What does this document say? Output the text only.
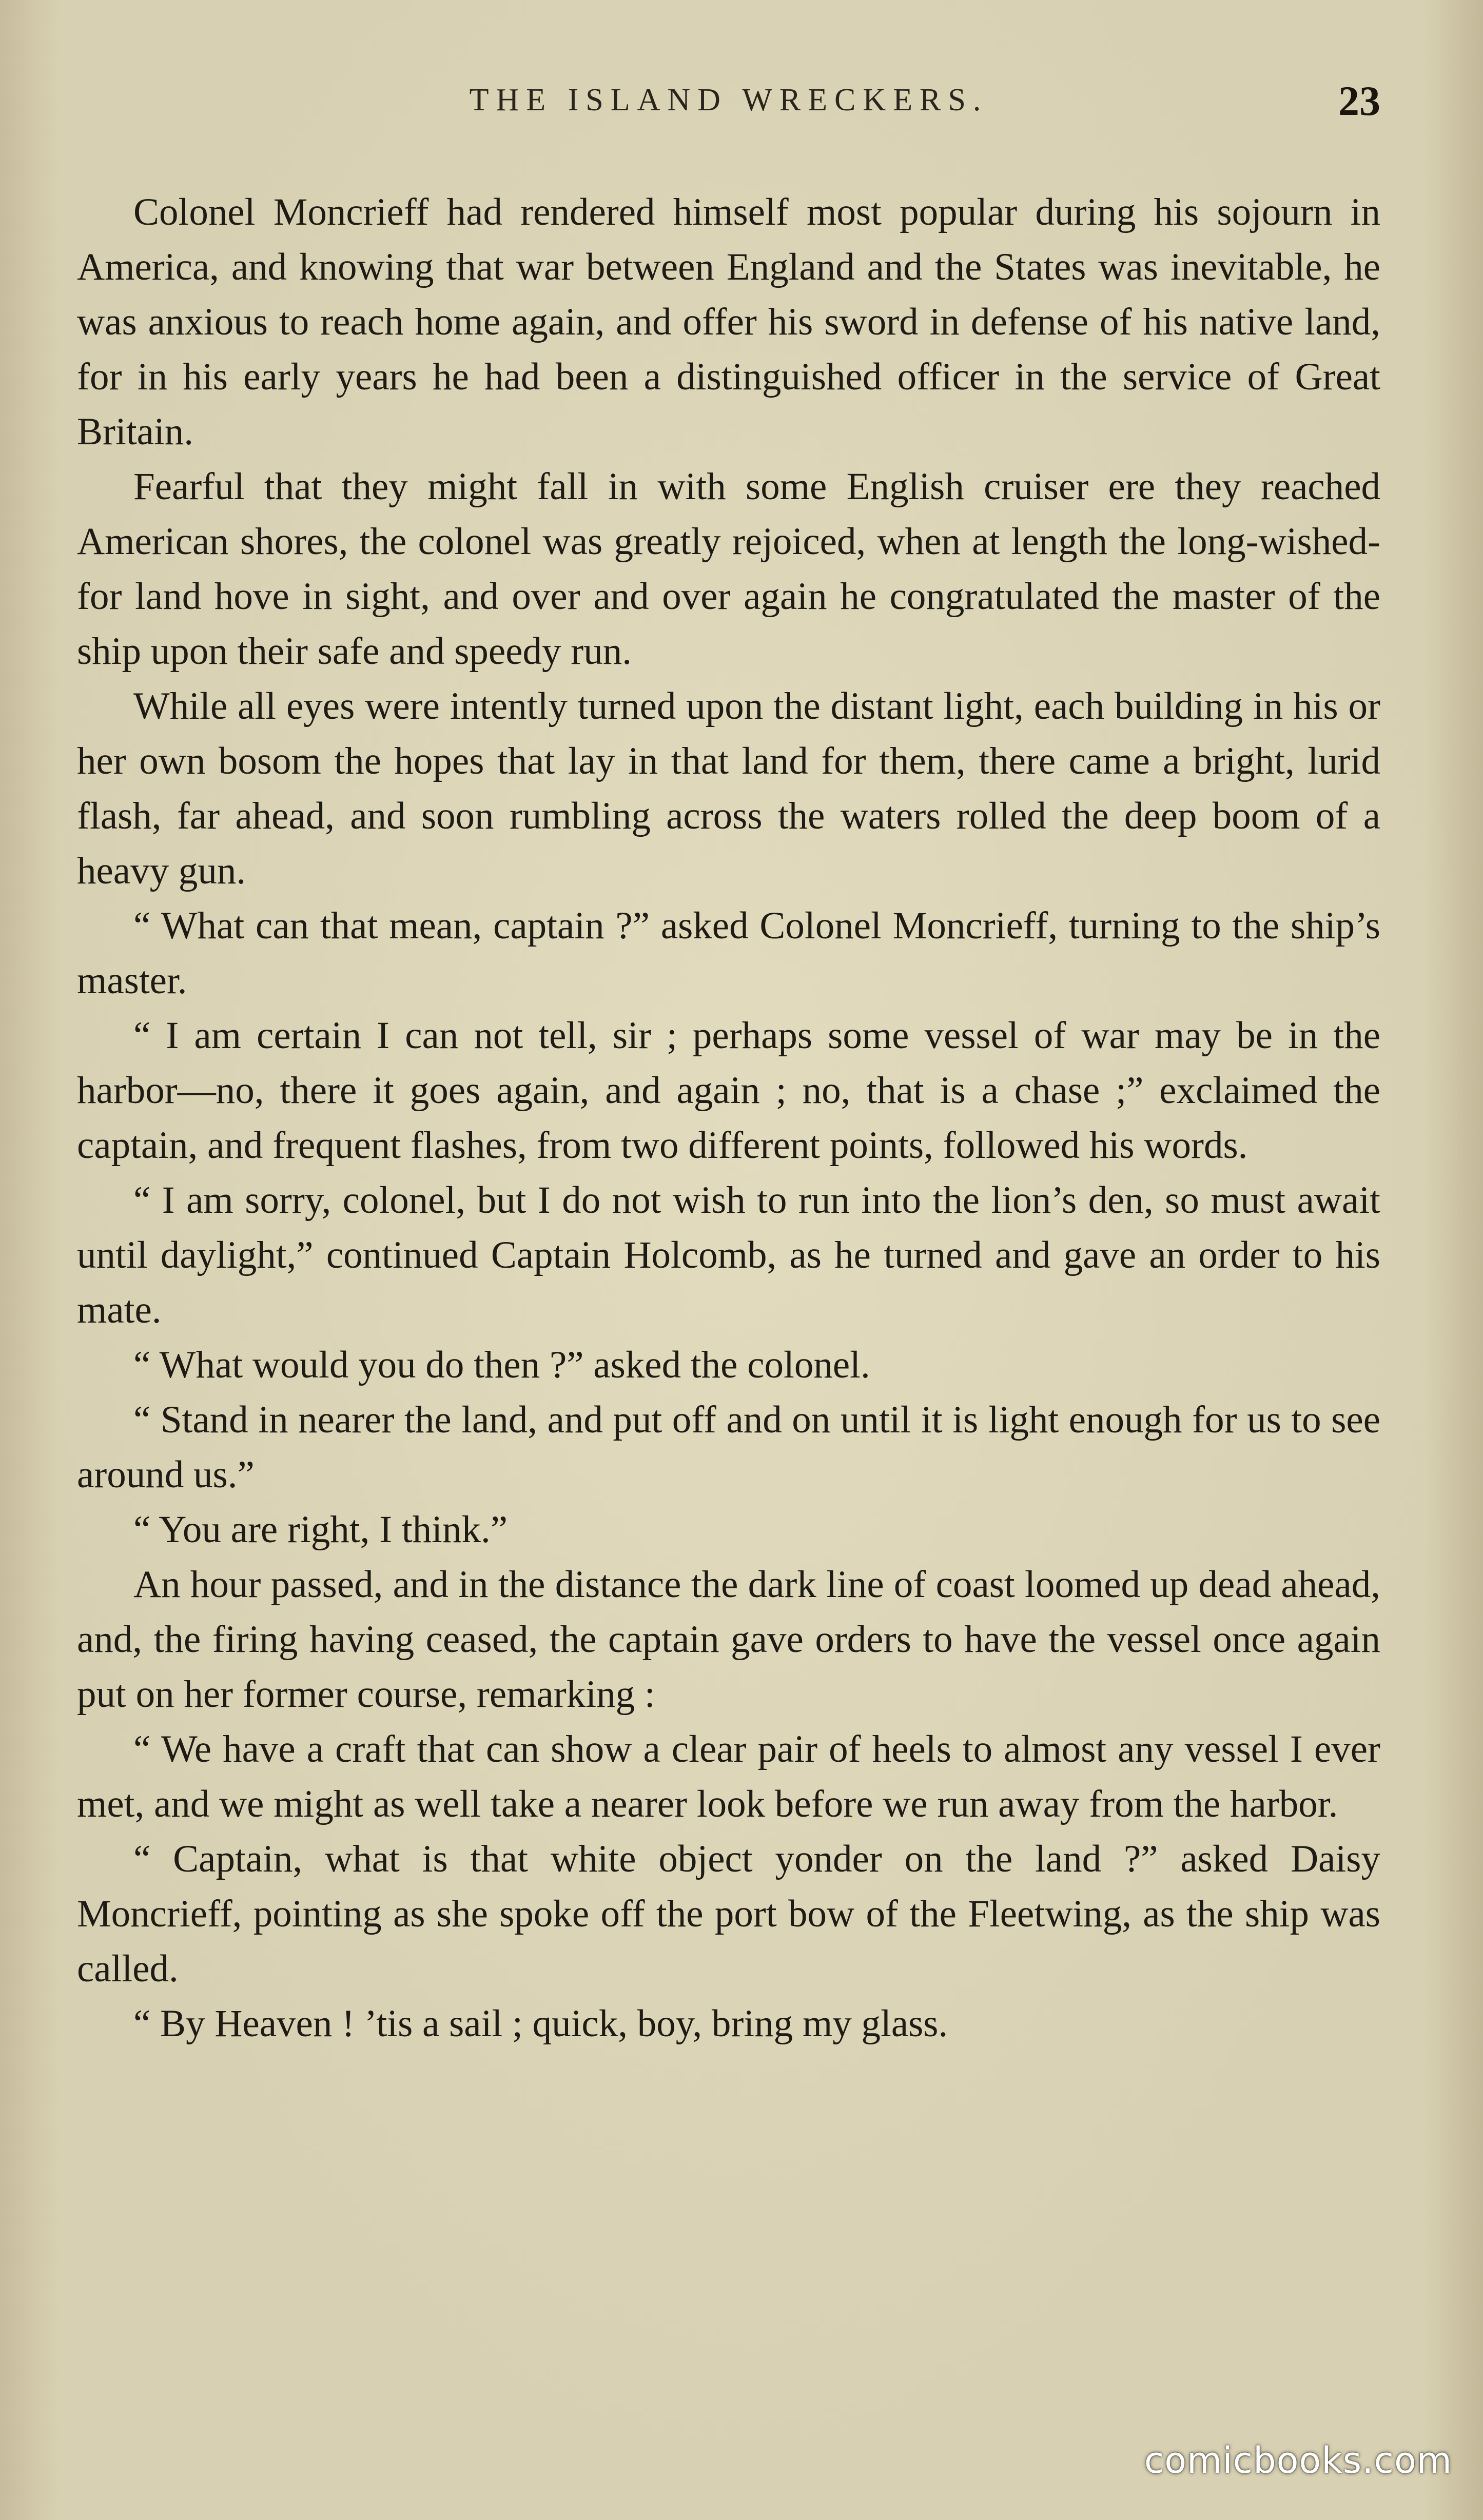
THE ISLAND WRECKERS.	23

Colonel Moncrieff had rendered himself most popular during his sojourn in America, and knowing that war between England and the States was inevitable, he was anxious to reach home again, and offer his sword in defense of his native land, for in his early years he had been a distinguished officer in the service of Great Britain.

Fearful that they might fall in with some English cruiser ere they reached American shores, the colonel was greatly rejoiced, when at length the long-wished-for land hove in sight, and over and over again he congratulated the master of the ship upon their safe and speedy run.

While all eyes were intently turned upon the distant light, each building in his or her own bosom the hopes that lay in that land for them, there came a bright, lurid flash, far ahead, and soon rumbling across the waters rolled the deep boom of a heavy gun.

“ What can that mean, captain ?” asked Colonel Moncrieff, turning to the ship’s master.

“ I am certain I can not tell, sir ; perhaps some vessel of war may be in the harbor—no, there it goes again, and again ; no, that is a chase ;” exclaimed the captain, and frequent flashes, from two different points, followed his words.

“ I am sorry, colonel, but I do not wish to run into the lion’s den, so must await until daylight,” continued Captain Holcomb, as he turned and gave an order to his mate.

“ What would you do then ?” asked the colonel.

“ Stand in nearer the land, and put off and on until it is light enough for us to see around us.”

“ You are right, I think.”

An hour passed, and in the distance the dark line of coast loomed up dead ahead, and, the firing having ceased, the captain gave orders to have the vessel once again put on her former course, remarking :

“ We have a craft that can show a clear pair of heels to almost any vessel I ever met, and we might as well take a nearer look before we run away from the harbor.

“ Captain, what is that white object yonder on the land ?” asked Daisy Moncrieff, pointing as she spoke off the port bow of the Fleetwing, as the ship was called.

“ By Heaven ! ’tis a sail ; quick, boy, bring my glass.

comicbooks.com
